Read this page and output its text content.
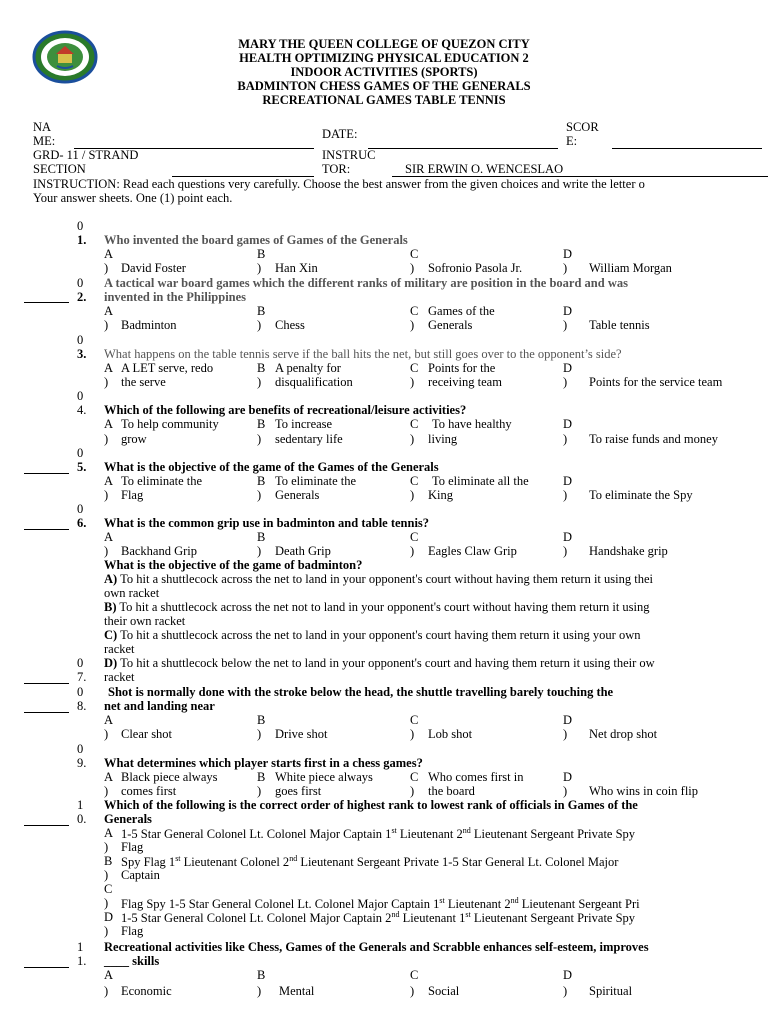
MARY THE QUEEN COLLEGE OF QUEZON CITY
HEALTH OPTIMIZING PHYSICAL EDUCATION 2
INDOOR ACTIVITIES (SPORTS)
BADMINTON CHESS GAMES OF THE GENERALS
RECREATIONAL GAMES TABLE TENNIS
NA
ME:	DATE:	SCOR
E:
GRD- 11 / STRAND
SECTION
INSTRUC
TOR:	SIR ERWIN O. WENCESLAO
INSTRUCTION: Read each questions very carefully. Choose the best answer from the given choices and write the letter o
Your answer sheets. One (1) point each.
0
1. Who invented the board games of Games of the Generals
A	B	C	D
) David Foster	) Han Xin	) Sofronio Pasola Jr.	) William Morgan
0
2.
A tactical war board games which the different ranks of military are position in the board and was
invented in the Philippines
A	B	C Games of the	D
) Badminton	) Chess	) Generals	) Table tennis
0
3. What happens on the table tennis serve if the ball hits the net, but still goes over to the opponent’s side?
A A LET serve, redo	B A penalty for	C Points for the	D
) the serve	) disqualification	) receiving team	) Points for the service team
0
4. Which of the following are benefits of recreational/leisure activities?
A To help community	B To increase	C To have healthy	D
) grow	) sedentary life	) living	) To raise funds and money
0
5. What is the objective of the game of the Games of the Generals
A To eliminate the	B To eliminate the	C To eliminate all the	D
) Flag	) Generals	) King	) To eliminate the Spy
0
6. What is the common grip use in badminton and table tennis?
A	B	C	D
) Backhand Grip	) Death Grip	) Eagles Claw Grip	) Handshake grip
What is the objective of the game of badminton?
A) To hit a shuttlecock across the net to land in your opponent's court without having them return it using thei
own racket
B) To hit a shuttlecock across the net not to land in your opponent's court without having them return it using
their own racket
C) To hit a shuttlecock across the net to land in your opponent's court having them return it using your own
racket
0 D) To hit a shuttlecock below the net to land in your opponent's court and having them return it using their ow
7. racket
0 Shot is normally done with the stroke below the head, the shuttle travelling barely touching the
8. net and landing near
A	B	C	D
) Clear shot	) Drive shot	) Lob shot	) Net drop shot
0
9. What determines which player starts first in a chess games?
A Black piece always	B White piece always	C Who comes first in	D
) comes first	) goes first	) the board	) Who wins in coin flip
1 Which of the following is the correct order of highest rank to lowest rank of officials in Games of the
0. Generals
A 1-5 Star General Colonel Lt. Colonel Major Captain 1st Lieutenant 2nd Lieutenant Sergeant Private Spy
) Flag
B Spy Flag 1st Lieutenant Colonel 2nd Lieutenant Sergeant Private 1-5 Star General Lt. Colonel Major
) Captain
C
) Flag Spy 1-5 Star General Colonel Lt. Colonel Major Captain 1st Lieutenant 2nd Lieutenant Sergeant Pri
D 1-5 Star General Colonel Lt. Colonel Major Captain 2nd Lieutenant 1st Lieutenant Sergeant Private Spy
) Flag
1 Recreational activities like Chess, Games of the Generals and Scrabble enhances self-esteem, improves
1. ____ skills
A	B	C	D
) Economic	) Mental	) Social	) Spiritual
